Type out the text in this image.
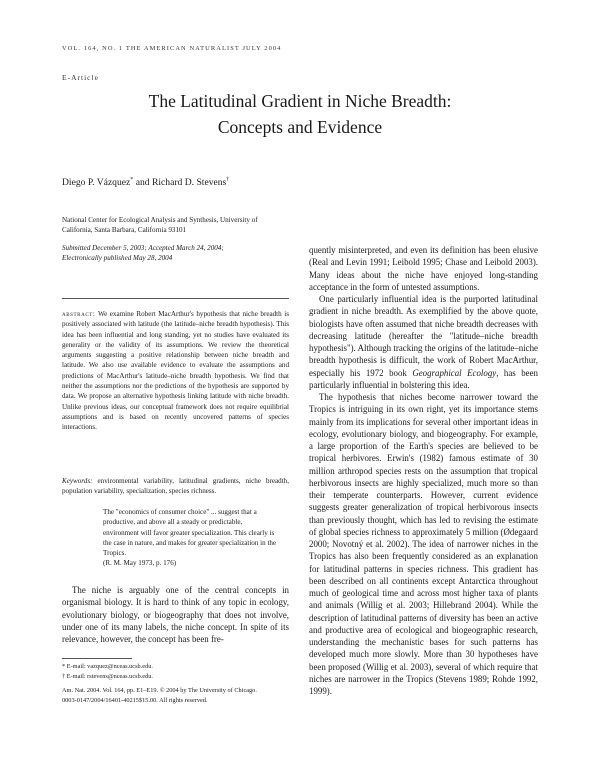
VOL. 164, NO. 1 THE AMERICAN NATURALIST JULY 2004
E-Article
The Latitudinal Gradient in Niche Breadth:
Concepts and Evidence
Diego P. Vázquez* and Richard D. Stevens†
National Center for Ecological Analysis and Synthesis, University of California, Santa Barbara, California 93101
Submitted December 5, 2003; Accepted March 24, 2004;
Electronically published May 28, 2004
abstract: We examine Robert MacArthur's hypothesis that niche breadth is positively associated with latitude (the latitude–niche breadth hypothesis). This idea has been influential and long standing, yet no studies have evaluated its generality or the validity of its assumptions. We review the theoretical arguments suggesting a positive relationship between niche breadth and latitude. We also use available evidence to evaluate the assumptions and predictions of MacArthur's latitude–niche breadth hypothesis. We find that neither the assumptions nor the predictions of the hypothesis are supported by data. We propose an alternative hypothesis linking latitude with niche breadth. Unlike previous ideas, our conceptual framework does not require equilibrial assumptions and is based on recently uncovered patterns of species interactions.
Keywords: environmental variability, latitudinal gradients, niche breadth, population variability, specialization, species richness.
The "economics of consumer choice" ... suggest that a productive, and above all a steady or predictable, environment will favor greater specialization. This clearly is the case in nature, and makes for greater specialization in the Tropics.
(R. M. May 1973, p. 176)

The niche is arguably one of the central concepts in organismal biology. It is hard to think of any topic in ecology, evolutionary biology, or biogeography that does not involve, under one of its many labels, the niche concept. In spite of its relevance, however, the concept has been fre-

* E-mail: vazquez@nceas.ucsb.edu.

† E-mail: rstevens@nceas.ucsb.edu.

Am. Nat. 2004. Vol. 164, pp. E1–E19. © 2004 by The University of Chicago.

0003-0147/2004/16401-40215$15.00. All rights reserved.

quently misinterpreted, and even its definition has been elusive (Real and Levin 1991; Leibold 1995; Chase and Leibold 2003). Many ideas about the niche have enjoyed long-standing acceptance in the form of untested assumptions.

One particularly influential idea is the purported latitudinal gradient in niche breadth. As exemplified by the above quote, biologists have often assumed that niche breadth decreases with decreasing latitude (hereafter the "latitude–niche breadth hypothesis"). Although tracking the origins of the latitude–niche breadth hypothesis is difficult, the work of Robert MacArthur, especially his 1972 book Geographical Ecology, has been particularly influential in bolstering this idea.

The hypothesis that niches become narrower toward the Tropics is intriguing in its own right, yet its importance stems mainly from its implications for several other important ideas in ecology, evolutionary biology, and biogeography. For example, a large proportion of the Earth's species are believed to be tropical herbivores. Erwin's (1982) famous estimate of 30 million arthropod species rests on the assumption that tropical herbivorous insects are highly specialized, much more so than their temperate counterparts. However, current evidence suggests greater generalization of tropical herbivorous insects than previously thought, which has led to revising the estimate of global species richness to approximately 5 million (Ødegaard 2000; Novotný et al. 2002). The idea of narrower niches in the Tropics has also been frequently considered as an explanation for latitudinal patterns in species richness. This gradient has been described on all continents except Antarctica throughout much of geological time and across most higher taxa of plants and animals (Willig et al. 2003; Hillebrand 2004). While the description of latitudinal patterns of diversity has been an active and productive area of ecological and biogeographic research, understanding the mechanistic bases for such patterns has developed much more slowly. More than 30 hypotheses have been proposed (Willig et al. 2003), several of which require that niches are narrower in the Tropics (Stevens 1989; Rohde 1992, 1999).
